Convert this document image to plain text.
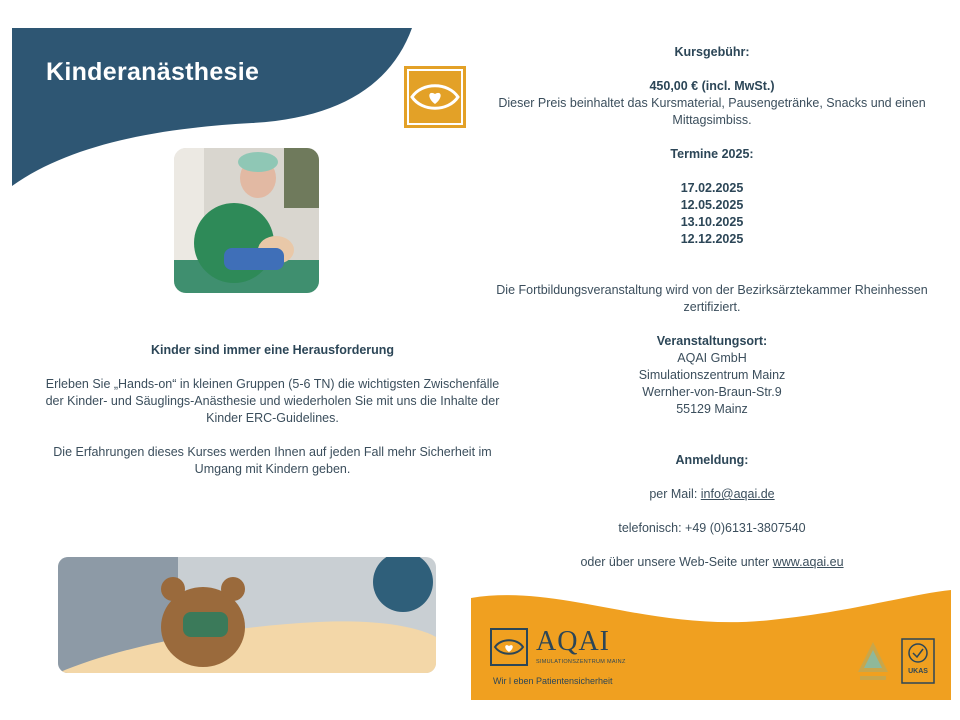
Kinderanästhesie
Kinder sind immer eine Herausforderung

Erleben Sie „Hands-on“ in kleinen Gruppen (5-6 TN) die wichtigsten Zwischenfälle der Kinder- und Säuglings-Anästhesie und wiederholen Sie mit uns die Inhalte der Kinder ERC-Guidelines.

Die Erfahrungen dieses Kurses werden Ihnen auf jeden Fall mehr Sicherheit im Umgang mit Kindern geben.

Kursgebühr:
450,00 € (incl. MwSt.)
Dieser Preis beinhaltet das Kursmaterial, Pausengetränke, Snacks und einen Mittagsimbiss.
Termine 2025:
17.02.2025
12.05.2025
13.10.2025
12.12.2025
Die Fortbildungsveranstaltung wird von der Bezirksärztekammer Rheinhessen zertifiziert.
Veranstaltungsort:
AQAI GmbH
Simulationszentrum Mainz
Wernher-von-Braun-Str.9
55129 Mainz
Anmeldung:
per Mail: info@aqai.de
telefonisch: +49 (0)6131-3807540
oder über unsere Web-Seite unter www.aqai.eu
AQAI
SIMULATIONSZENTRUM MAINZ
Wir l eben Patientensicherheit
UKAS
